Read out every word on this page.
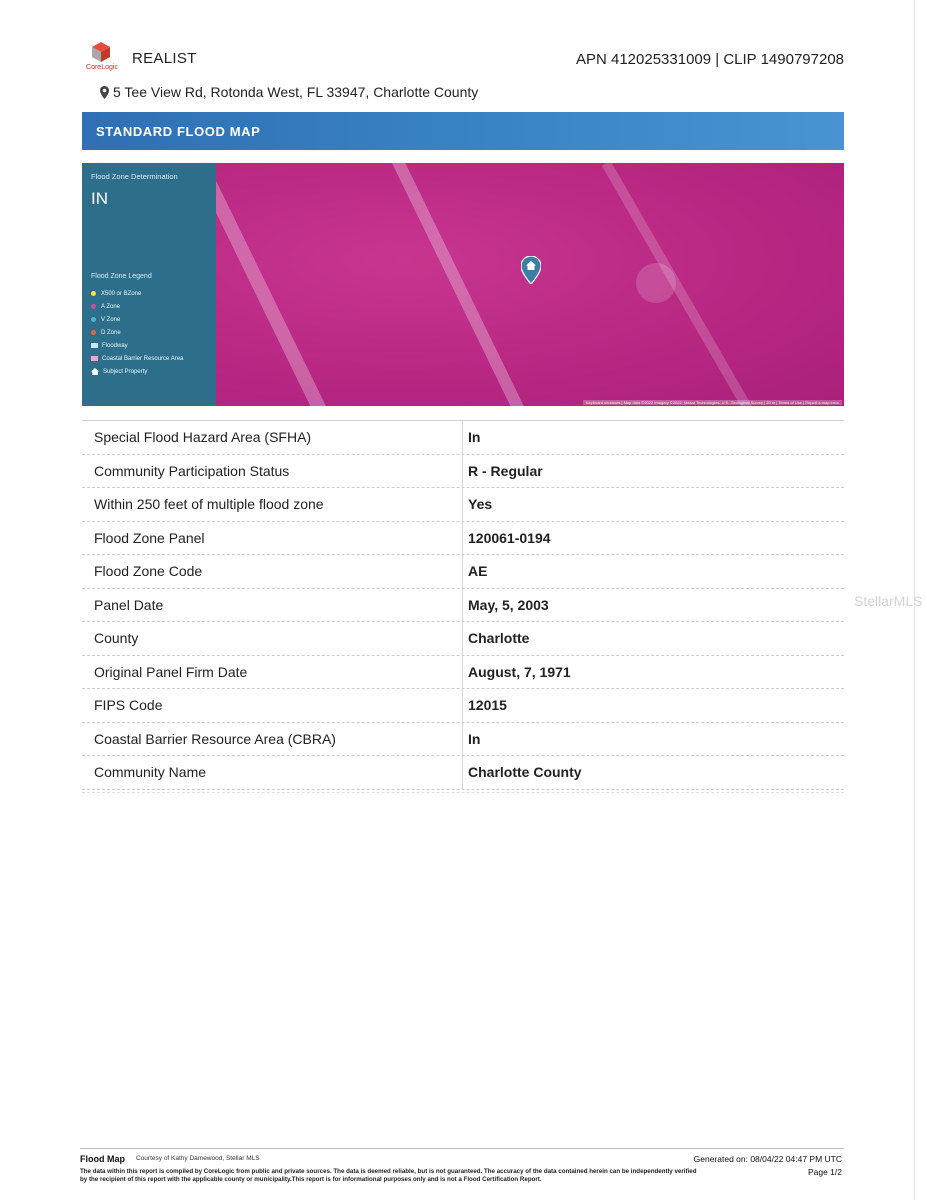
CoreLogic
REALIST	APN 412025331009 | CLIP 1490797208
5 Tee View Rd, Rotonda West, FL 33947, Charlotte County
STANDARD FLOOD MAP
Flood Zone Determination
IN
Flood Zone Legend
X500 or BZone
A Zone
V Zone
D Zone
Floodway
Coastal Barrier Resource Area
Subject Property
Keyboard shortcuts | Map data ©2022 Imagery ©2022, Maxar Technologies, U.S. Geological Survey | 20 m | Terms of Use | Report a map error
Special Flood Hazard Area (SFHA)	In
Community Participation Status	R - Regular
Within 250 feet of multiple flood zone	Yes
Flood Zone Panel	120061-0194
Flood Zone Code	AE
Panel Date	May, 5, 2003
County	Charlotte
Original Panel Firm Date	August, 7, 1971
FIPS Code	12015
Coastal Barrier Resource Area (CBRA)	In
Community Name	Charlotte County
StellarMLS
Flood Map Courtesy of Kathy Damewood, Stellar MLS	Generated on: 08/04/22 04:47 PM UTC
Page 1/2
The data within this report is compiled by CoreLogic from public and private sources. The data is deemed reliable, but is not guaranteed. The accuracy of the data contained herein can be independently verified by the recipient of this report with the applicable county or municipality.This report is for informational purposes only and is not a Flood Certification Report.
